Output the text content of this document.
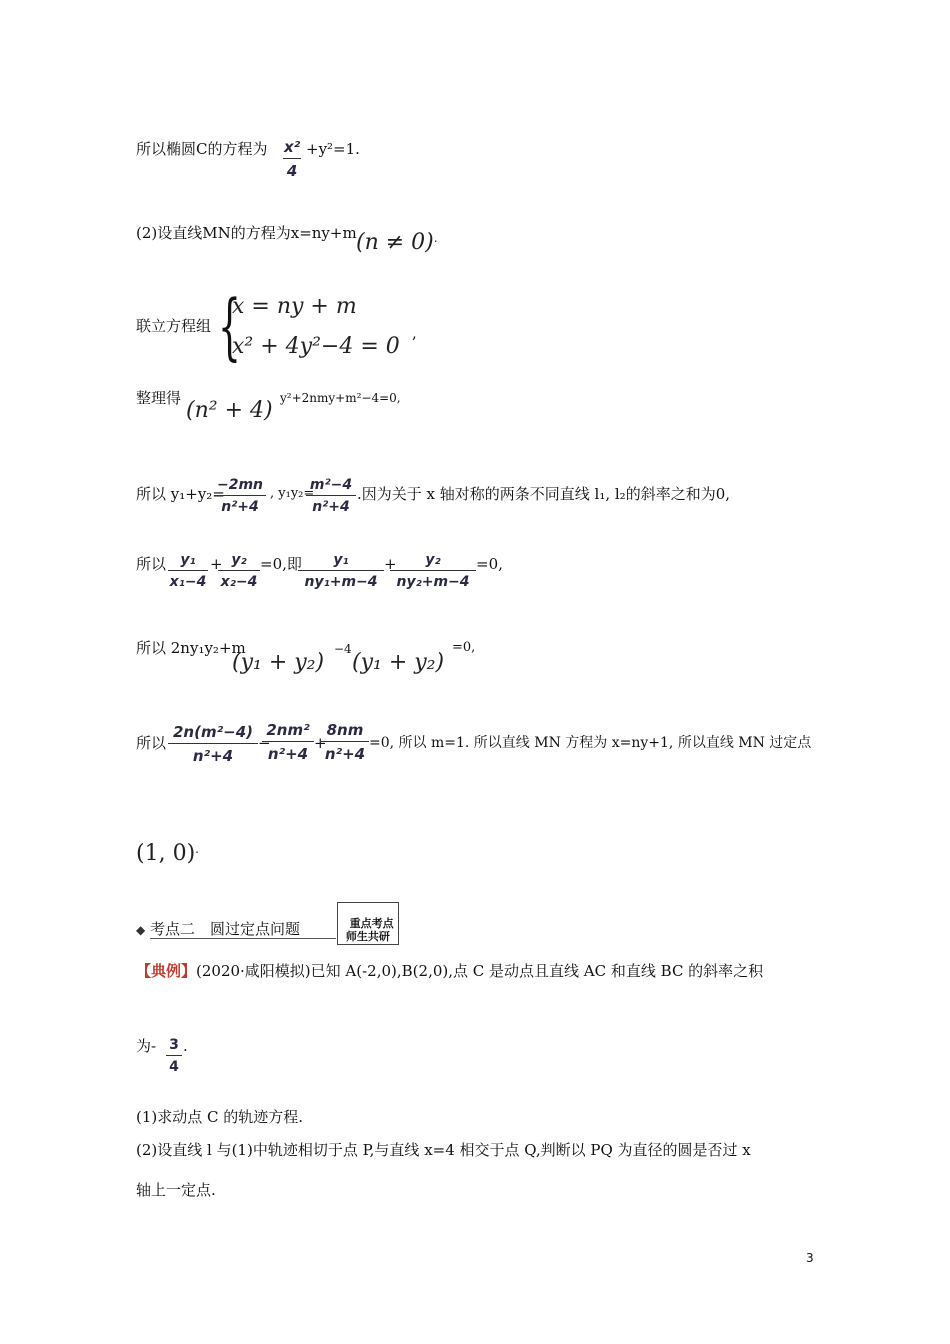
所以椭圆C的方程为 $\frac{\text{x²}}{4} +y^2=1$.
(2)设直线MN的方程为x=ny+m (n ≠ 0).
联立方程组 {
x = ny + m
x² + 4y²−4 = 0
,
整理得 (n² + 4) y²+2nmy+m²−4=0,
所以 y₁+y₂=
$\frac{-2mn}{\text{n²+4}}$ , y₁y₂=
$\frac{\text{m²−4}}{\text{n²+4}}$ .因为关于 x 轴对称的两条不同直线 l₁, l₂的斜率之和为0,
所以 $\frac{\text{y₁}}{\text{x₁−4}}$ +
$\frac{\text{y₂}}{\text{x₂−4}} =0$,即
$\frac{\text{y₁}}{\text{ny₁+m−4}}$ +
$\frac{\text{y₂}}{\text{ny₂+m−4}} =0$,
所以 2ny₁y₂+m
(y₁ + y₂)
−4
(y₁ + y₂)
=0,
所以 $\frac{\text{2n(m²−4)}}{\text{n²+4}}$ −
$\frac{\text{2nm²}}{\text{n²+4}}$ +
$\frac{8nm}{\text{n²+4}} =0$, 所以 m=1. 所以直线 MN 方程为 x=ny+1, 所以直线 MN 过定点
(1, 0).
◆ 考点二　圆过定点问题	重点考点
师生共研

【典例】(2020·咸阳模拟)已知 A(-2,0),B(2,0),点 C 是动点且直线 AC 和直线 BC 的斜率之积
为- $\frac{3}{4}$ .
(1)求动点 C 的轨迹方程.
(2)设直线 l 与(1)中轨迹相切于点 P,与直线 x=4 相交于点 Q,判断以 PQ 为直径的圆是否过 x
轴上一定点.
3
